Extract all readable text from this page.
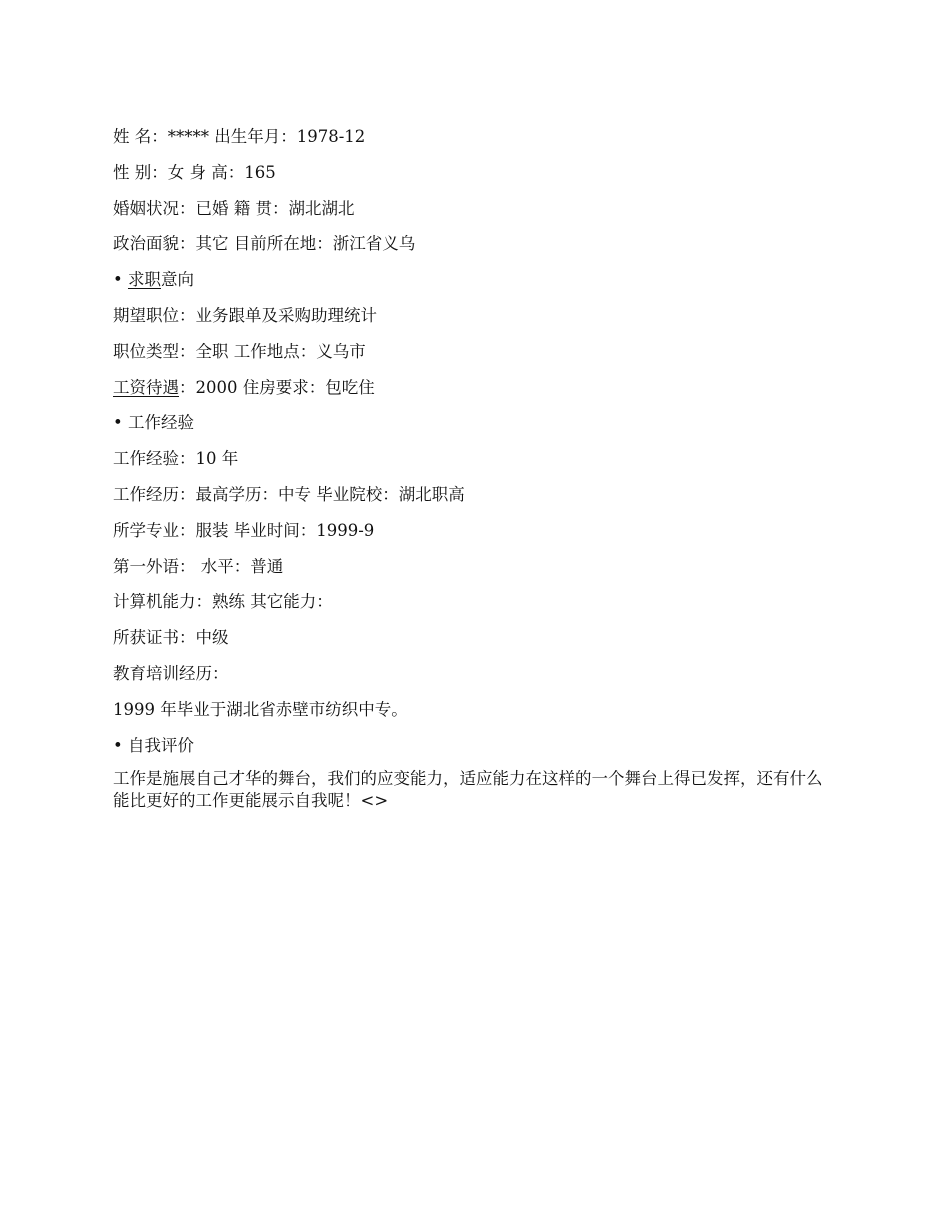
姓 名：***** 出生年月：1978-12
性 别：女 身 高：165
婚姻状况：已婚 籍 贯：湖北湖北
政治面貌：其它 目前所在地：浙江省义乌
• 求职意向
期望职位：业务跟单及采购助理统计
职位类型：全职 工作地点：义乌市
工资待遇：2000 住房要求：包吃住
• 工作经验
工作经验：10 年
工作经历：最高学历：中专 毕业院校：湖北职高
所学专业：服装 毕业时间：1999-9
第一外语： 水平：普通
计算机能力：熟练 其它能力：
所获证书：中级
教育培训经历：
1999 年毕业于湖北省赤壁市纺织中专。
• 自我评价
工作是施展自己才华的舞台，我们的应变能力，适应能力在这样的一个舞台上得已发挥，还有什么能比更好的工作更能展示自我呢！<>
